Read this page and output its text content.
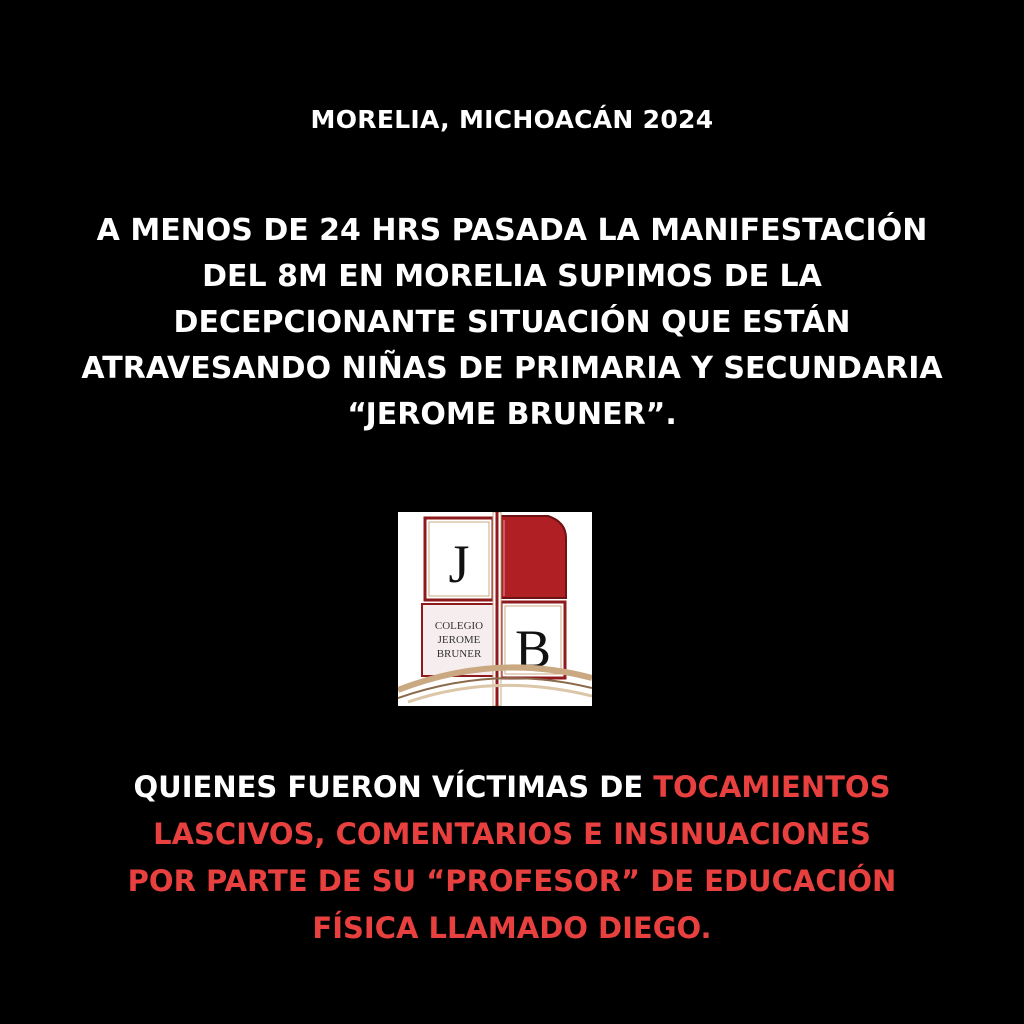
MORELIA, MICHOACÁN 2024
A MENOS DE 24 HRS PASADA LA MANIFESTACIÓN
DEL 8M EN MORELIA SUPIMOS DE LA
DECEPCIONANTE SITUACIÓN QUE ESTÁN
ATRAVESANDO NIÑAS DE PRIMARIA Y SECUNDARIA
“JEROME BRUNER”.
J
COLEGIO
JEROME
BRUNER B
QUIENES FUERON VÍCTIMAS DE TOCAMIENTOS
LASCIVOS, COMENTARIOS E INSINUACIONES
POR PARTE DE SU “PROFESOR” DE EDUCACIÓN
FÍSICA LLAMADO DIEGO.
